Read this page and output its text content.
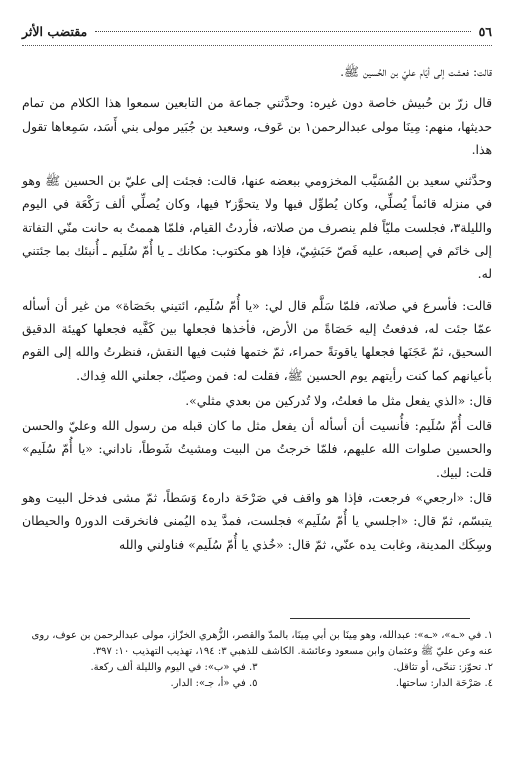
٥٦
مقتضب الأثر

قالت: فعشت إلى أيّام عليّ بن الحُسين ﷺ.

قال زرّ بن حُبيش خاصة دون غيره: وحدَّثني جماعة من التابعين سمعوا هذا الكلام من تمام حديثها، منهم: مِينَا مولى عبدالرحمن١ بن عَوف، وسعيد بن جُبَير مولى بني أَسَد، سَمِعاها تقول هذا.

وحدَّثني سعيد بن المُسَيَّب المخزومي ببعضه عنها، قالت: فجئت إلى عليّ بن الحسين ﷺ وهو في منزله قائماً يُصلِّي، وكان يُطوِّل فيها ولا يتحوَّز٢ فيها، وكان يُصلِّي ألف رَكْعَة في اليوم والليلة٣، فجلست مليّاً فلم ينصرف من صلاته، فأردتُ القيام، فلمّا هممتُ به حانت منّي التفاتة إلى خاتَم في إصبعه، عليه فَصّ حَبَشِيّ، فإذا هو مكتوب: مكانك ـ يا أُمّ سُلَيم ـ أُنبئك بما جئتني له.

قالت: فأسرع في صلاته، فلمّا سَلَّم قال لي: «يا أُمّ سُلَيم، ائتيني بحَصَاة» من غير أن أسأله عمّا جئت له، فدفعتُ إليه حَصَاةً من الأرض، فأخذها فجعلها بين كَفَّيه فجعلها كهيئة الدقيق السحيق، ثمّ عَجَنَها فجعلها ياقوتةً حمراء، ثمّ ختمها فثبت فيها النقش، فنظرتُ والله إلى القوم بأعيانهم كما كنت رأيتهم يوم الحسين ﷺ، فقلت له: فمن وصيّك، جعلني الله فِداك.

قال: «الذي يفعل مثل ما فعلتُ، ولا تُدركين من بعدي مثلي».

قالت أُمّ سُلَيم: فأُنسيت أن أسأله أن يفعل مثل ما كان قبله من رسول الله وعليّ والحسن والحسين صلوات الله عليهم، فلمّا خرجتُ من البيت ومشيتُ شَوطاً، ناداني: «يا أُمّ سُلَيم» قلت: لبيك.

قال: «ارجعي» فرجعت، فإذا هو واقف في صَرْحَة داره٤ وَسَطاً، ثمّ مشى فدخل البيت وهو يتبسّم، ثمّ قال: «اجلسي يا أُمّ سُلَيم» فجلست، فمدَّ يده اليُمنى فانخرقت الدور٥ والحيطان وسِكَك المدينة، وغابت يده عنّي، ثمّ قال: «خُذي يا أُمّ سُلَيم» فناولني والله

١. في «ـه»، «ـه»: عبدالله، وهو مِينَا بن أبي مِينَا، بالمدّ والقصر، الزُّهري الخزّاز، مولى عبدالرحمن بن عوف، روى عنه وعن عليّ ﷺ وعثمان وابن مسعود وعائشة. الكاشف للذهبي ٣: ١٩٤، تهذيب التهذيب ١٠: ٣٩٧.
٢. تحوّز: تنحّى، أو تثاقل.
٣. في «ب»: في اليوم والليلة ألف ركعة.
٤. صَرْحَة الدار: ساحتها.
٥. في «أ، جـ»: الدار.
